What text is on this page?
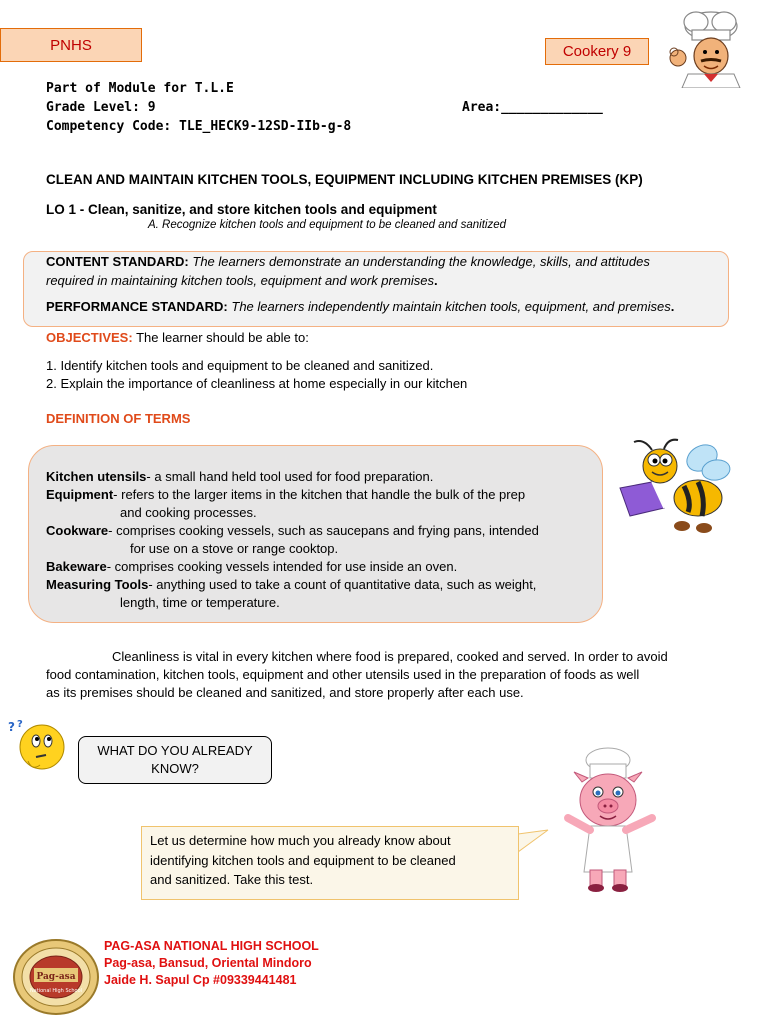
PNHS	Cookery 9
Part of Module for T.L.E
Grade Level: 9	Area:_____________
Competency Code: TLE_HECK9-12SD-IIb-g-8
CLEAN AND MAINTAIN KITCHEN TOOLS, EQUIPMENT INCLUDING KITCHEN PREMISES (KP)
LO 1 - Clean, sanitize, and store kitchen tools and equipment
A. Recognize kitchen tools and equipment to be cleaned and sanitized
CONTENT STANDARD: The learners demonstrate an understanding the knowledge, skills, and attitudes
required in maintaining kitchen tools, equipment and work premises.
PERFORMANCE STANDARD: The learners independently maintain kitchen tools, equipment, and premises.
OBJECTIVES: The learner should be able to:
1. Identify kitchen tools and equipment to be cleaned and sanitized.
2. Explain the importance of cleanliness at home especially in our kitchen
DEFINITION OF TERMS
Kitchen utensils- a small hand held tool used for food preparation.
Equipment- refers to the larger items in the kitchen that handle the bulk of the prep
and cooking processes.
Cookware- comprises cooking vessels, such as saucepans and frying pans, intended
for use on a stove or range cooktop.
Bakeware- comprises cooking vessels intended for use inside an oven.
Measuring Tools- anything used to take a count of quantitative data, such as weight,
length, time or temperature.
Cleanliness is vital in every kitchen where food is prepared, cooked and served. In order to avoid
food contamination, kitchen tools, equipment and other utensils used in the preparation of foods as well
as its premises should be cleaned and sanitized, and store properly after each use.
? ?
WHAT DO YOU ALREADY
KNOW?
Let us determine how much you already know about
identifying kitchen tools and equipment to be cleaned
and sanitized. Take this test.
Pag-asa
National High School
PAG-ASA NATIONAL HIGH SCHOOL
Pag-asa, Bansud, Oriental Mindoro
Jaide H. Sapul Cp #09339441481
